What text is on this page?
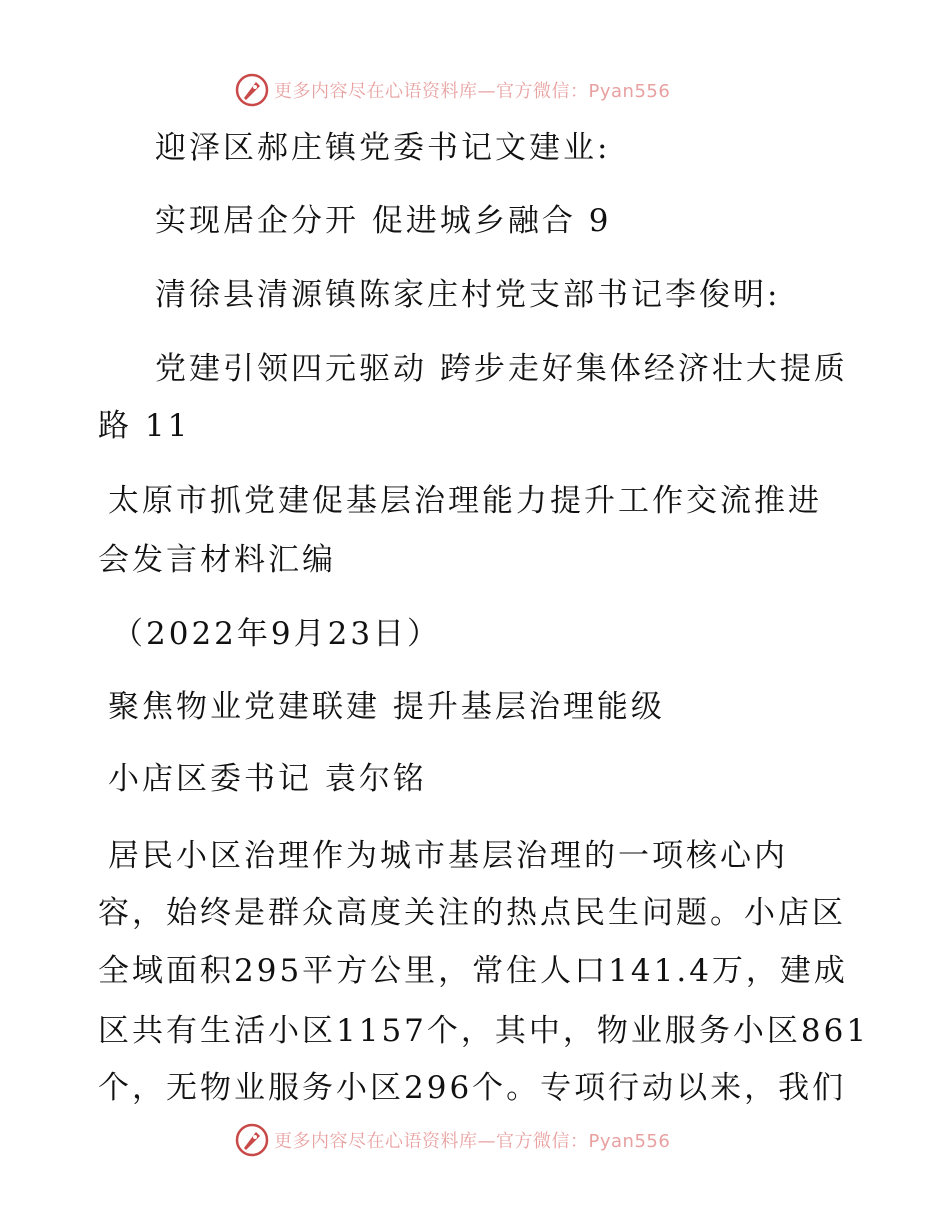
更多内容尽在心语资料库—官方微信：Pyan556
迎泽区郝庄镇党委书记文建业:
实现居企分开 促进城乡融合 9
清徐县清源镇陈家庄村党支部书记李俊明:
党建引领四元驱动 跨步走好集体经济壮大提质
路 11
太原市抓党建促基层治理能力提升工作交流推进
会发言材料汇编
（2022年9月23日）
聚焦物业党建联建 提升基层治理能级
小店区委书记 袁尔铭
居民小区治理作为城市基层治理的一项核心内
容，始终是群众高度关注的热点民生问题。小店区
全域面积295平方公里，常住人口141.4万，建成
区共有生活小区1157个，其中，物业服务小区861
个，无物业服务小区296个。专项行动以来，我们
更多内容尽在心语资料库—官方微信：Pyan556
